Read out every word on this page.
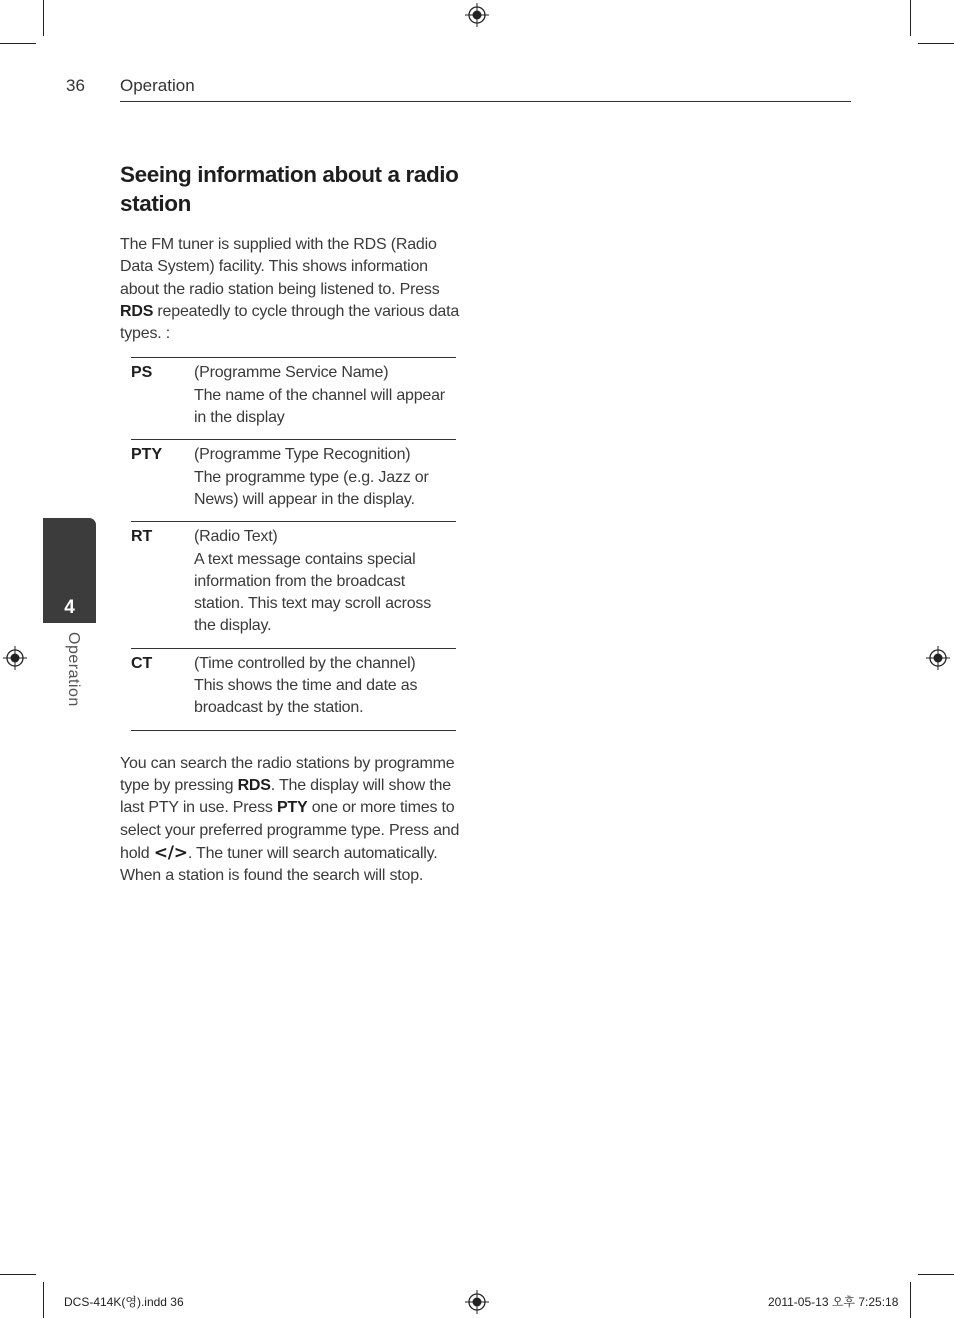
36 Operation
Seeing information about a radio station

The FM tuner is supplied with the RDS (Radio Data System) facility. This shows information about the radio station being listened to. Press RDS repeatedly to cycle through the various data types. :

PS	(Programme Service Name)
The name of the channel will appear in the display
PTY	(Programme Type Recognition)
The programme type (e.g. Jazz or News) will appear in the display.
RT	(Radio Text)
A text message contains special information from the broadcast station. This text may scroll across the display.
CT	(Time controlled by the channel)
This shows the time and date as broadcast by the station.

You can search the radio stations by programme type by pressing RDS. The display will show the last PTY in use. Press PTY one or more times to select your preferred programme type. Press and hold </>. The tuner will search automatically. When a station is found the search will stop.

4
Operation
DCS-414K(영).indd 36	2011-05-13 오후 7:25:18
